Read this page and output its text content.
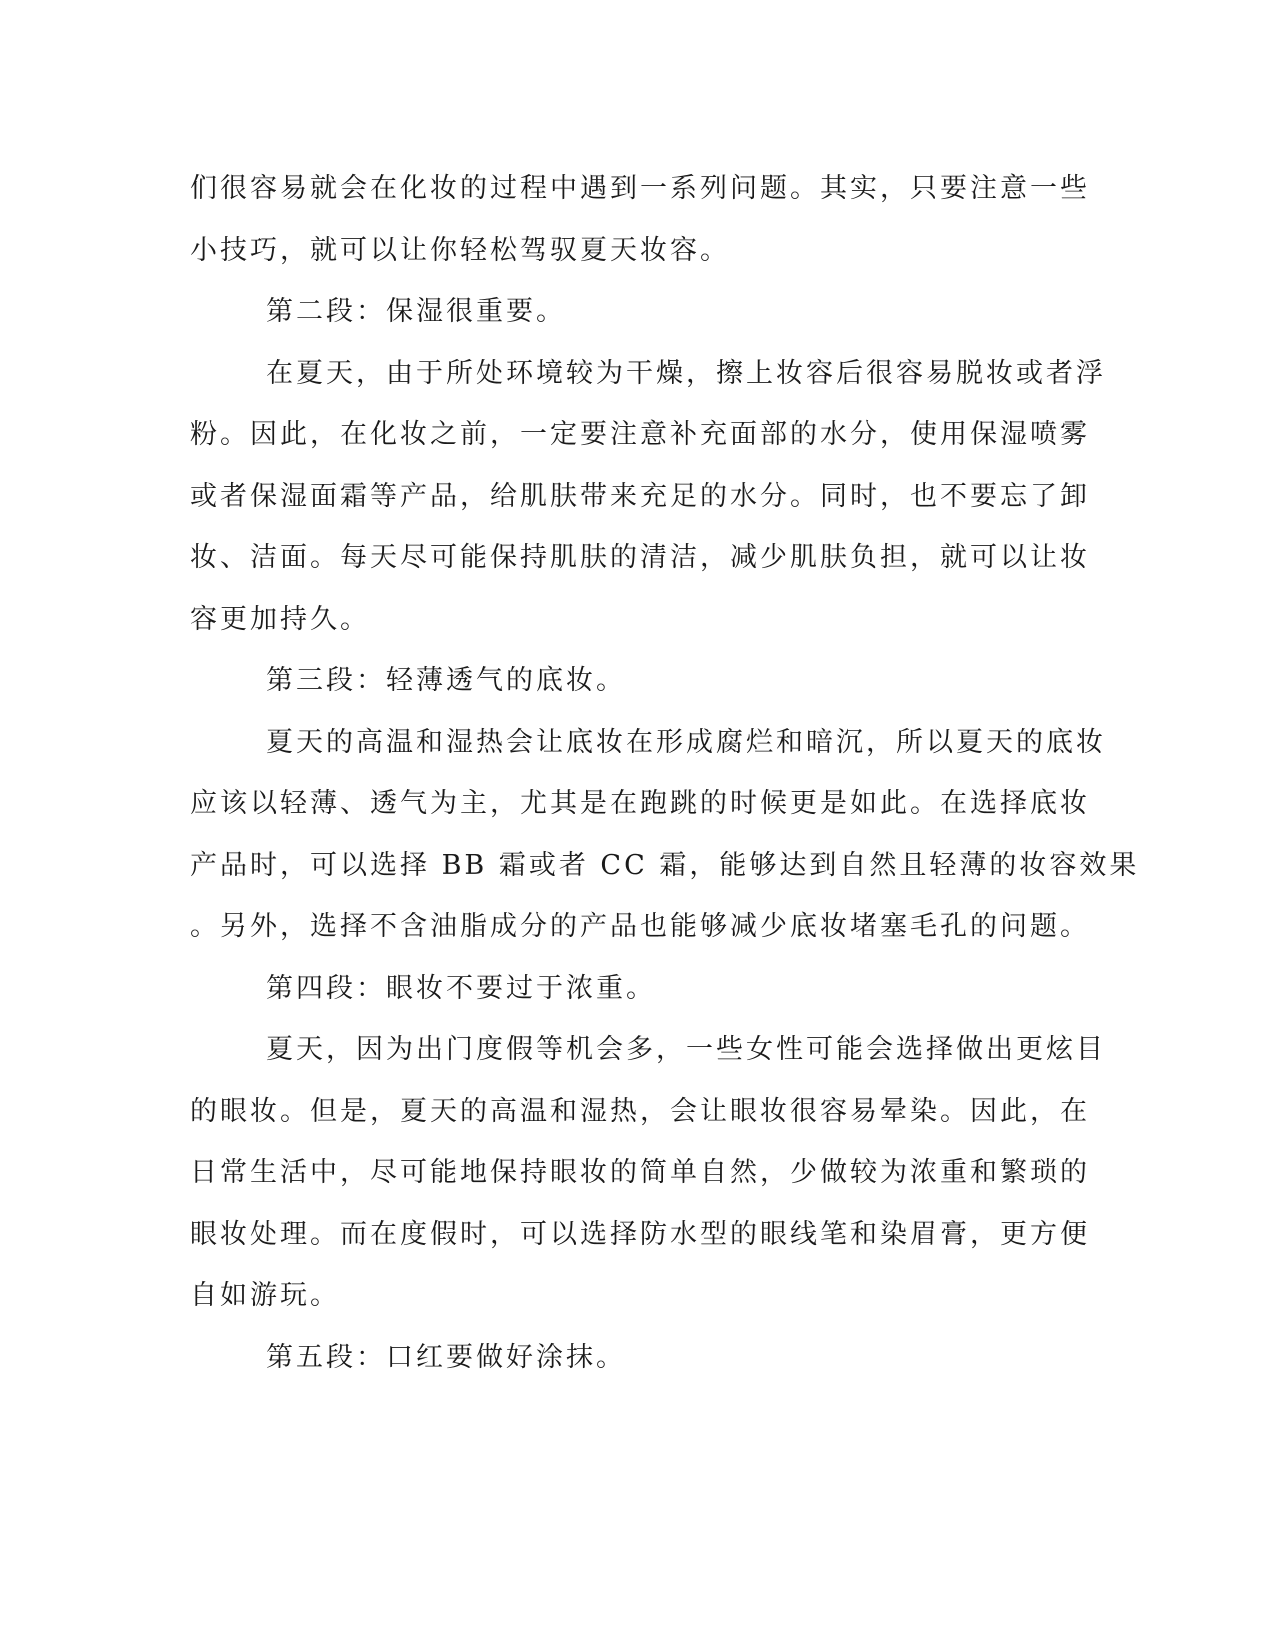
们很容易就会在化妆的过程中遇到一系列问题。其实，只要注意一些
小技巧，就可以让你轻松驾驭夏天妆容。
第二段：保湿很重要。
在夏天，由于所处环境较为干燥，擦上妆容后很容易脱妆或者浮
粉。因此，在化妆之前，一定要注意补充面部的水分，使用保湿喷雾
或者保湿面霜等产品，给肌肤带来充足的水分。同时，也不要忘了卸
妆、洁面。每天尽可能保持肌肤的清洁，减少肌肤负担，就可以让妆
容更加持久。
第三段：轻薄透气的底妆。
夏天的高温和湿热会让底妆在形成腐烂和暗沉，所以夏天的底妆
应该以轻薄、透气为主，尤其是在跑跳的时候更是如此。在选择底妆
产品时，可以选择 BB 霜或者 CC 霜，能够达到自然且轻薄的妆容效果
。另外，选择不含油脂成分的产品也能够减少底妆堵塞毛孔的问题。
第四段：眼妆不要过于浓重。
夏天，因为出门度假等机会多，一些女性可能会选择做出更炫目
的眼妆。但是，夏天的高温和湿热，会让眼妆很容易晕染。因此，在
日常生活中，尽可能地保持眼妆的简单自然，少做较为浓重和繁琐的
眼妆处理。而在度假时，可以选择防水型的眼线笔和染眉膏，更方便
自如游玩。
第五段：口红要做好涂抹。
